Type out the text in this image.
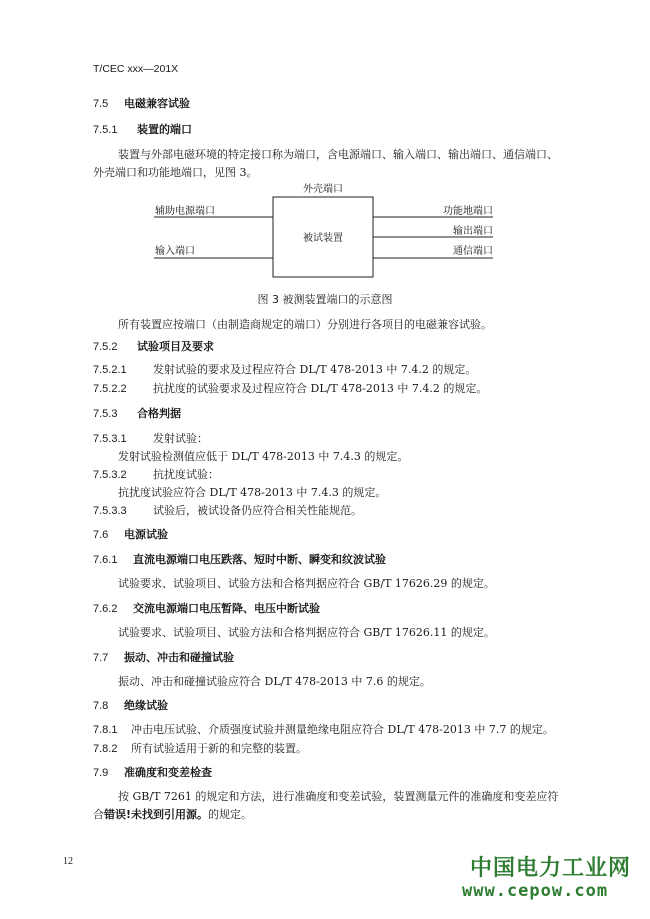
T/CEC xxx—201X
7.5 电磁兼容试验
7.5.1 装置的端口
装置与外部电磁环境的特定接口称为端口，含电源端口、输入端口、输出端口、通信端口、
外壳端口和功能地端口，见图 3。
外壳端口
被试装置
辅助电源端口
输入端口
功能地端口
输出端口
通信端口
图 3 被测装置端口的示意图
所有装置应按端口（由制造商规定的端口）分别进行各项目的电磁兼容试验。
7.5.2 试验项目及要求
7.5.2.1 发射试验的要求及过程应符合 DL/T 478-2013 中 7.4.2 的规定。
7.5.2.2 抗扰度的试验要求及过程应符合 DL/T 478-2013 中 7.4.2 的规定。
7.5.3 合格判据
7.5.3.1 发射试验：
发射试验检测值应低于 DL/T 478-2013 中 7.4.3 的规定。
7.5.3.2 抗扰度试验：
抗扰度试验应符合 DL/T 478-2013 中 7.4.3 的规定。
7.5.3.3 试验后，被试设备仍应符合相关性能规范。
7.6 电源试验
7.6.1 直流电源端口电压跌落、短时中断、瞬变和纹波试验
试验要求、试验项目、试验方法和合格判据应符合 GB/T 17626.29 的规定。
7.6.2 交流电源端口电压暂降、电压中断试验
试验要求、试验项目、试验方法和合格判据应符合 GB/T 17626.11 的规定。
7.7 振动、冲击和碰撞试验
振动、冲击和碰撞试验应符合 DL/T 478-2013 中 7.6 的规定。
7.8 绝缘试验
7.8.1 冲击电压试验、介质强度试验并测量绝缘电阻应符合 DL/T 478-2013 中 7.7 的规定。
7.8.2 所有试验适用于新的和完整的装置。
7.9 准确度和变差检查
按 GB/T 7261 的规定和方法，进行准确度和变差试验，装置测量元件的准确度和变差应符
合错误!未找到引用源。的规定。
12	中国电力工业网
www.cepow.com
